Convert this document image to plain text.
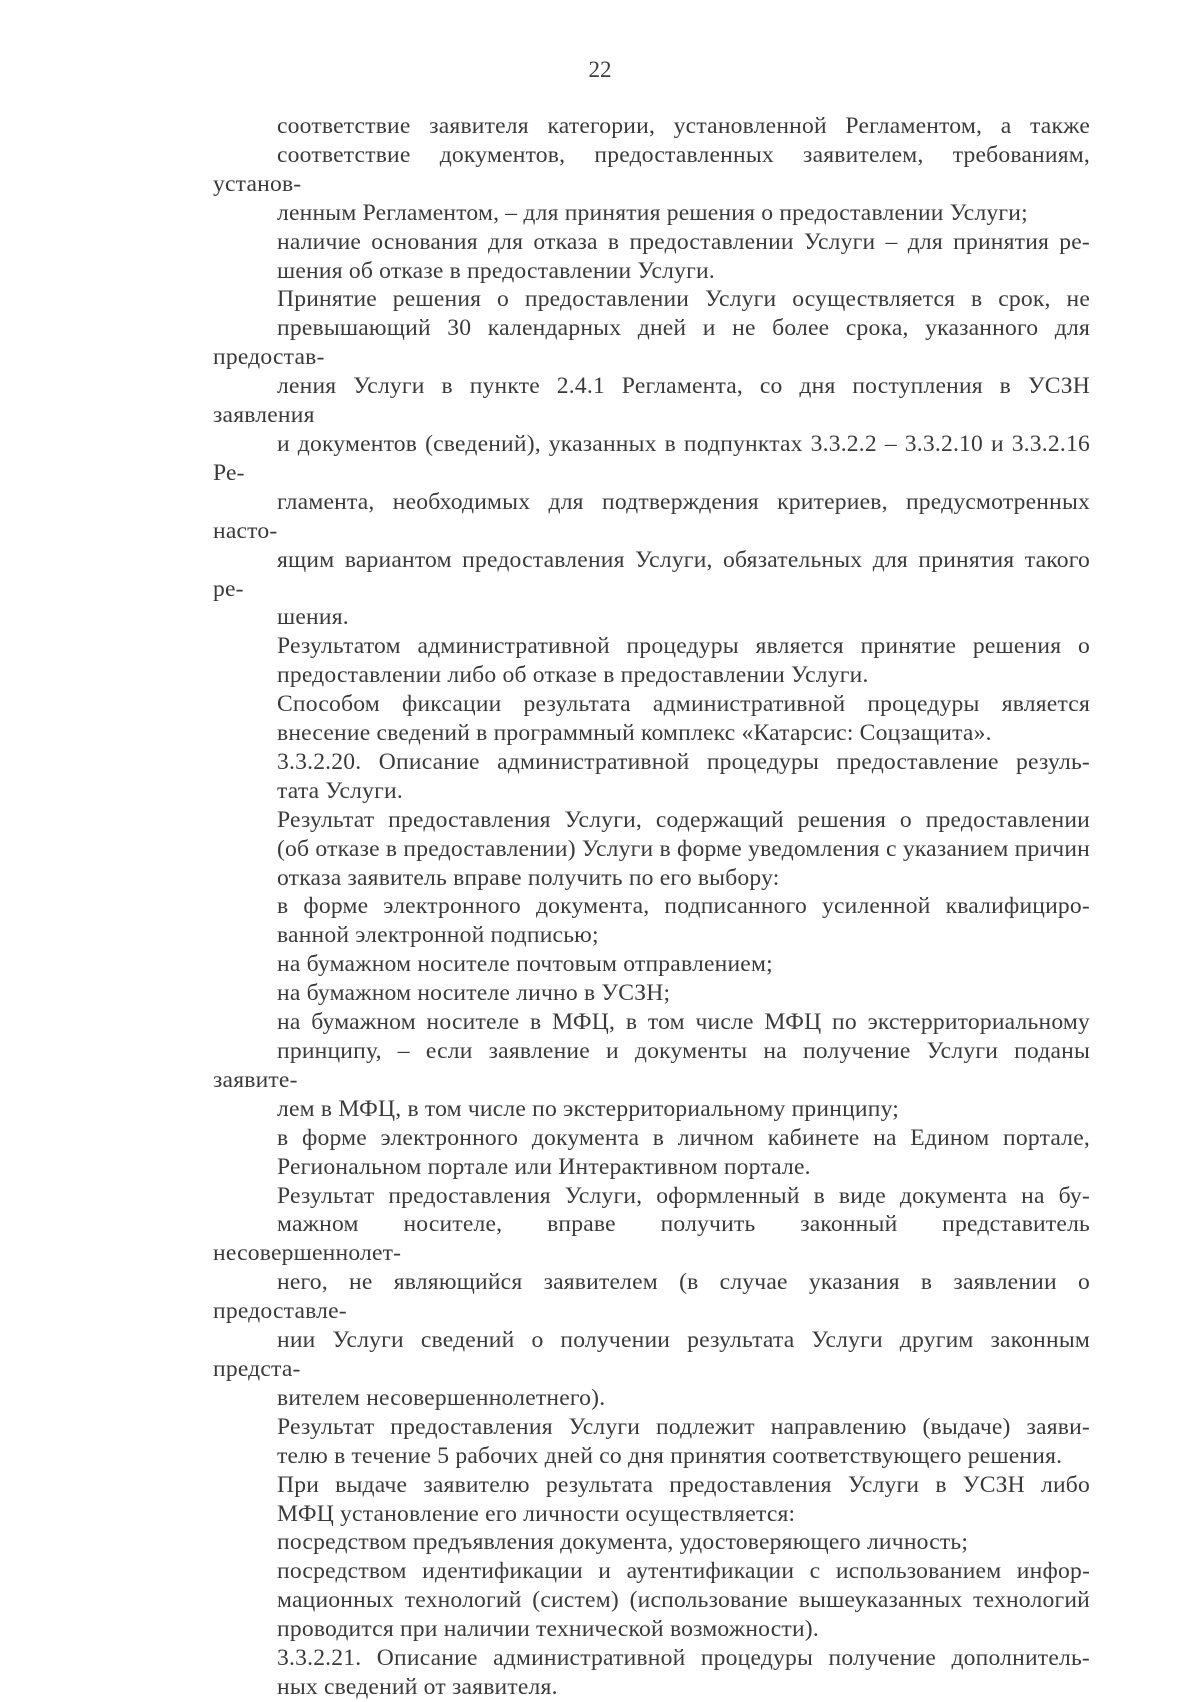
22

соответствие заявителя категории, установленной Регламентом, а также
соответствие документов, предоставленных заявителем, требованиям, установ-
ленным Регламентом, – для принятия решения о предоставлении Услуги;

наличие основания для отказа в предоставлении Услуги – для принятия ре-
шения об отказе в предоставлении Услуги.

Принятие решения о предоставлении Услуги осуществляется в срок, не
превышающий 30 календарных дней и не более срока, указанного для предостав-
ления Услуги в пункте 2.4.1 Регламента, со дня поступления в УСЗН заявления
и документов (сведений), указанных в подпунктах 3.3.2.2 – 3.3.2.10 и 3.3.2.16 Ре-
гламента, необходимых для подтверждения критериев, предусмотренных насто-
ящим вариантом предоставления Услуги, обязательных для принятия такого ре-
шения.

Результатом административной процедуры является принятие решения о
предоставлении либо об отказе в предоставлении Услуги.

Способом фиксации результата административной процедуры является
внесение сведений в программный комплекс «Катарсис: Соцзащита».

3.3.2.20. Описание административной процедуры предоставление резуль-
тата Услуги.

Результат предоставления Услуги, содержащий решения о предоставлении
(об отказе в предоставлении) Услуги в форме уведомления с указанием причин
отказа заявитель вправе получить по его выбору:

в форме электронного документа, подписанного усиленной квалифициро-
ванной электронной подписью;

на бумажном носителе почтовым отправлением;

на бумажном носителе лично в УСЗН;

на бумажном носителе в МФЦ, в том числе МФЦ по экстерриториальному
принципу, – если заявление и документы на получение Услуги поданы заявите-
лем в МФЦ, в том числе по экстерриториальному принципу;

в форме электронного документа в личном кабинете на Едином портале,
Региональном портале или Интерактивном портале.

Результат предоставления Услуги, оформленный в виде документа на бу-
мажном носителе, вправе получить законный представитель несовершеннолет-
него, не являющийся заявителем (в случае указания в заявлении о предоставле-
нии Услуги сведений о получении результата Услуги другим законным предста-
вителем несовершеннолетнего).

Результат предоставления Услуги подлежит направлению (выдаче) заяви-
телю в течение 5 рабочих дней со дня принятия соответствующего решения.

При выдаче заявителю результата предоставления Услуги в УСЗН либо
МФЦ установление его личности осуществляется:

посредством предъявления документа, удостоверяющего личность;

посредством идентификации и аутентификации с использованием инфор-
мационных технологий (систем) (использование вышеуказанных технологий
проводится при наличии технической возможности).

3.3.2.21. Описание административной процедуры получение дополнитель-
ных сведений от заявителя.
